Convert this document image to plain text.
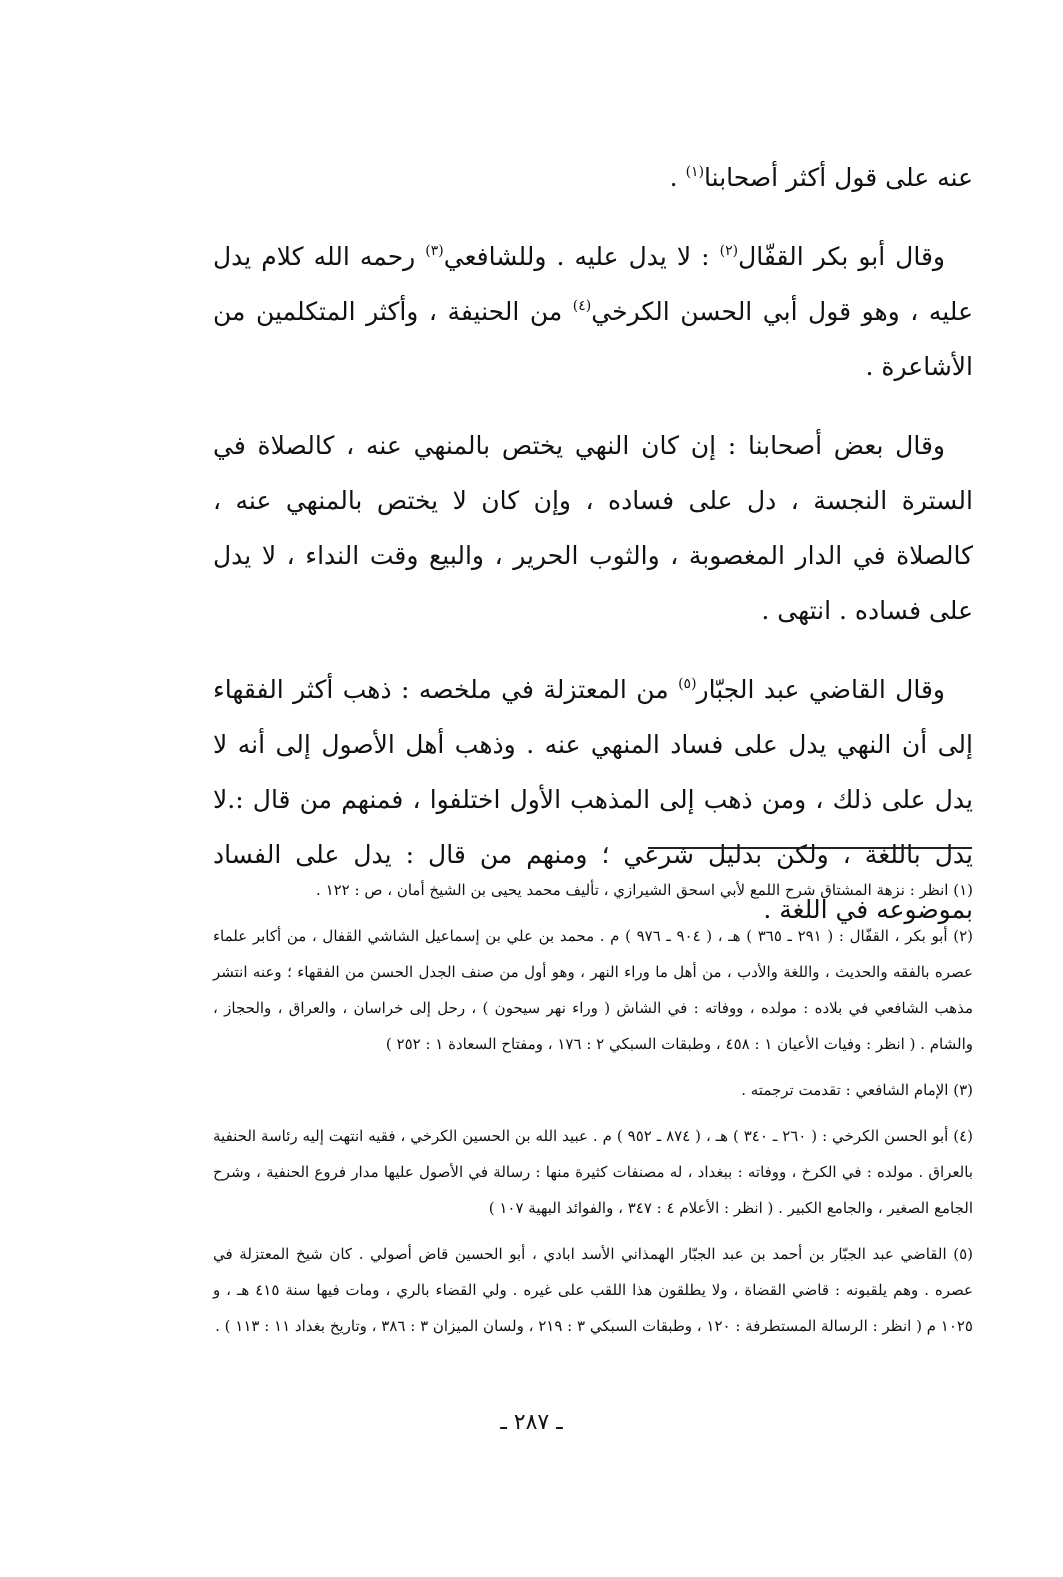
عنه على قول أكثر أصحابنا$^{(١)}$ .

وقال أبو بكر القفّال$^{(٢)}$ : لا يدل عليه . وللشافعي$^{(٣)}$ رحمه الله كلام يدل عليه ، وهو قول أبي الحسن الكرخي$^{(٤)}$ من الحنيفة ، وأكثر المتكلمين من الأشاعرة .

وقال بعض أصحابنا : إن كان النهي يختص بالمنهي عنه ، كالصلاة في السترة النجسة ، دل على فساده ، وإن كان لا يختص بالمنهي عنه ، كالصلاة في الدار المغصوبة ، والثوب الحرير ، والبيع وقت النداء ، لا يدل على فساده . انتهى .

وقال القاضي عبد الجبّار$^{(٥)}$ من المعتزلة في ملخصه : ذهب أكثر الفقهاء إلى أن النهي يدل على فساد المنهي عنه . وذهب أهل الأصول إلى أنه لا يدل على ذلك ، ومن ذهب إلى المذهب الأول اختلفوا ، فمنهم من قال :.لا يدل باللغة ، ولكن بدليل شرعي ؛ ومنهم من قال : يدل على الفساد بموضوعه في اللغة .

(١) انظر : نزهة المشتاق شرح اللمع لأبي اسحق الشيرازي ، تأليف محمد يحيى بن الشيخ أمان ، ص : ١٢٢ .

(٢) أبو بكر ، القفّال : ( ٢٩١ ـ ٣٦٥ ) هـ ، ( ٩٠٤ ـ ٩٧٦ ) م . محمد بن علي بن إسماعيل الشاشي القفال ، من أكابر علماء عصره بالفقه والحديث ، واللغة والأدب ، من أهل ما وراء النهر ، وهو أول من صنف الجدل الحسن من الفقهاء ؛ وعنه انتشر مذهب الشافعي في بلاده : مولده ، ووفاته : في الشاش ( وراء نهر سيحون ) ، رحل إلى خراسان ، والعراق ، والحجاز ، والشام . ( انظر : وفيات الأعيان ١ : ٤٥٨ ، وطبقات السبكي ٢ : ١٧٦ ، ومفتاح السعادة ١ : ٢٥٢ )

(٣) الإمام الشافعي : تقدمت ترجمته .

(٤) أبو الحسن الكرخي : ( ٢٦٠ ـ ٣٤٠ ) هـ ، ( ٨٧٤ ـ ٩٥٢ ) م . عبيد الله بن الحسين الكرخي ، فقيه انتهت إليه رئاسة الحنفية بالعراق . مولده : في الكرخ ، ووفاته : ببغداد ، له مصنفات كثيرة منها : رسالة في الأصول عليها مدار فروع الحنفية ، وشرح الجامع الصغير ، والجامع الكبير . ( انظر : الأعلام ٤ : ٣٤٧ ، والفوائد البهية ١٠٧ )

(٥) القاضي عبد الجبّار بن أحمد بن عبد الجبّار الهمذاني الأسد ابادي ، أبو الحسين قاض أصولي . كان شيخ المعتزلة في عصره . وهم يلقبونه : قاضي القضاة ، ولا يطلقون هذا اللقب على غيره . ولي القضاء بالري ، ومات فيها سنة ٤١٥ هـ ، و ١٠٢٥ م ( انظر : الرسالة المستطرفة : ١٢٠ ، وطبقات السبكي ٣ : ٢١٩ ، ولسان الميزان ٣ : ٣٨٦ ، وتاريخ بغداد ١١ : ١١٣ ) .

ـ ٢٨٧ ـ
